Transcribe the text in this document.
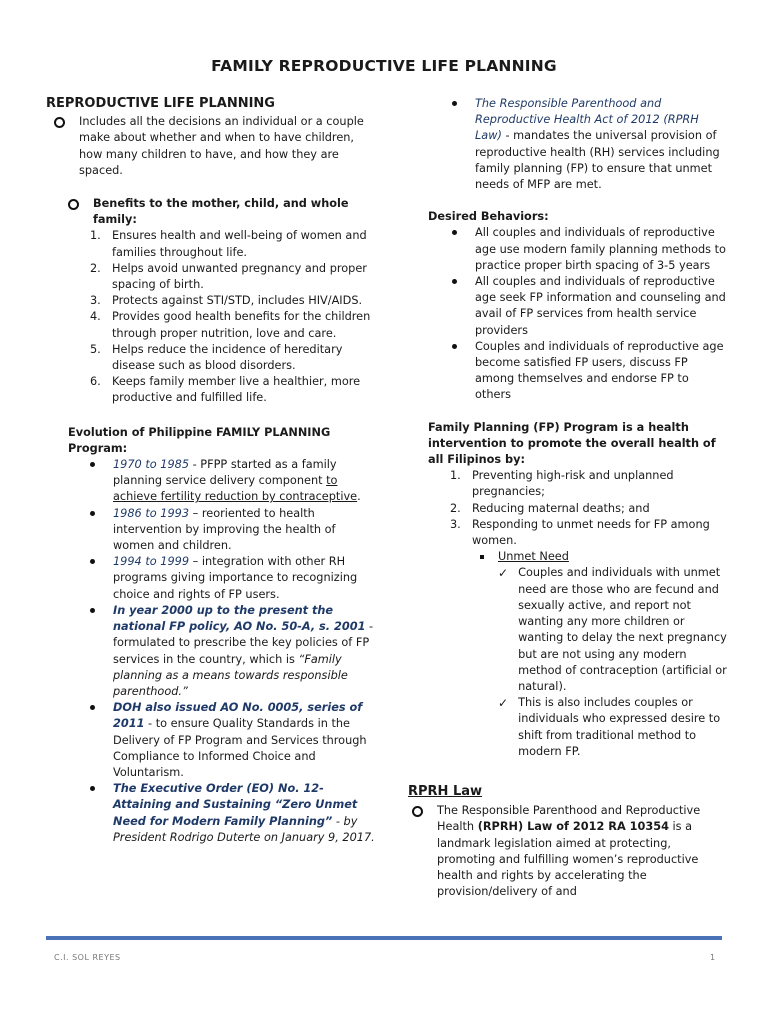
FAMILY REPRODUCTIVE LIFE PLANNING
REPRODUCTIVE LIFE PLANNING
Includes all the decisions an individual or a couple make about whether and when to have children, how many children to have, and how they are spaced.
Benefits to the mother, child, and whole family:
1. Ensures health and well-being of women and families throughout life.
2. Helps avoid unwanted pregnancy and proper spacing of birth.
3. Protects against STI/STD, includes HIV/AIDS.
4. Provides good health benefits for the children through proper nutrition, love and care.
5. Helps reduce the incidence of hereditary disease such as blood disorders.
6. Keeps family member live a healthier, more productive and fulfilled life.
Evolution of Philippine FAMILY PLANNING Program:
1970 to 1985 - PFPP started as a family planning service delivery component to achieve fertility reduction by contraceptive.
1986 to 1993 – reoriented to health intervention by improving the health of women and children.
1994 to 1999 – integration with other RH programs giving importance to recognizing choice and rights of FP users.
In year 2000 up to the present the national FP policy, AO No. 50-A, s. 2001 - formulated to prescribe the key policies of FP services in the country, which is “Family planning as a means towards responsible parenthood.”
DOH also issued AO No. 0005, series of 2011 - to ensure Quality Standards in the Delivery of FP Program and Services through Compliance to Informed Choice and Voluntarism.
The Executive Order (EO) No. 12- Attaining and Sustaining “Zero Unmet Need for Modern Family Planning” - by President Rodrigo Duterte on January 9, 2017.
The Responsible Parenthood and Reproductive Health Act of 2012 (RPRH Law) - mandates the universal provision of reproductive health (RH) services including family planning (FP) to ensure that unmet needs of MFP are met.
Desired Behaviors:
All couples and individuals of reproductive age use modern family planning methods to practice proper birth spacing of 3-5 years
All couples and individuals of reproductive age seek FP information and counseling and avail of FP services from health service providers
Couples and individuals of reproductive age become satisfied FP users, discuss FP among themselves and endorse FP to others
Family Planning (FP) Program is a health intervention to promote the overall health of all Filipinos by:
1. Preventing high-risk and unplanned pregnancies;
2. Reducing maternal deaths; and
3. Responding to unmet needs for FP among women.
Unmet Need
✓ Couples and individuals with unmet need are those who are fecund and sexually active, and report not wanting any more children or wanting to delay the next pregnancy but are not using any modern method of contraception (artificial or natural).
✓ This is also includes couples or individuals who expressed desire to shift from traditional method to modern FP.
RPRH Law
The Responsible Parenthood and Reproductive Health (RPRH) Law of 2012 RA 10354 is a landmark legislation aimed at protecting, promoting and fulfilling women’s reproductive health and rights by accelerating the provision/delivery of and
C.I. SOL REYES	1
